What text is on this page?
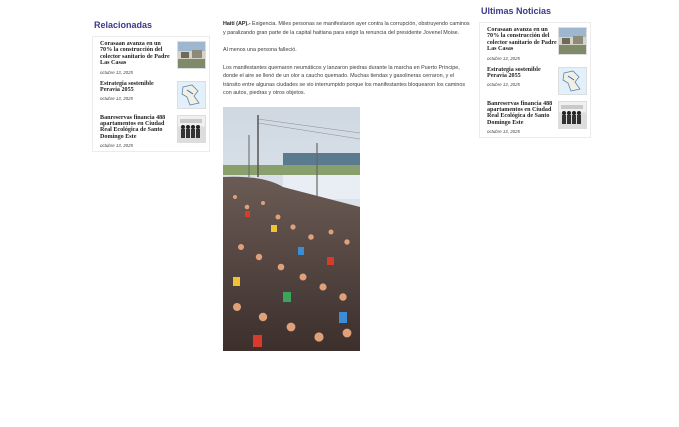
Relacionadas
Corasaan avanza en un 70% la construcción del colector sanitario de Padre Las Casas
octubre 13, 2025
Estrategia sostenible Peravia 2055
octubre 13, 2025
Banreservas financia 488 apartamentos en Ciudad Real Ecológica de Santo Domingo Este
octubre 13, 2025

Haití (AP).- Exigencia. Miles personas se manifestaron ayer contra la corrupción, obstruyendo caminos y paralizando gran parte de la capital haitiana para exigir la renuncia del presidente Jovenel Moise.

Al menos una persona falleció.

Los manifestantes quemaron neumáticos y lanzaron piedras durante la marcha en Puerto Príncipe, donde el aire se llenó de un olor a caucho quemado. Muchas tiendas y gasolineras cerraron, y el tránsito entre algunas ciudades se vio interrumpido porque los manifestantes bloquearon los caminos con autos, piedras y otros objetos.

Ultimas Noticias
Corasaan avanza en un 70% la construcción del colector sanitario de Padre Las Casas
octubre 13, 2025
Estrategia sostenible Peravia 2055
octubre 13, 2025
Banreservas financia 488 apartamentos en Ciudad Real Ecológica de Santo Domingo Este
octubre 13, 2025
